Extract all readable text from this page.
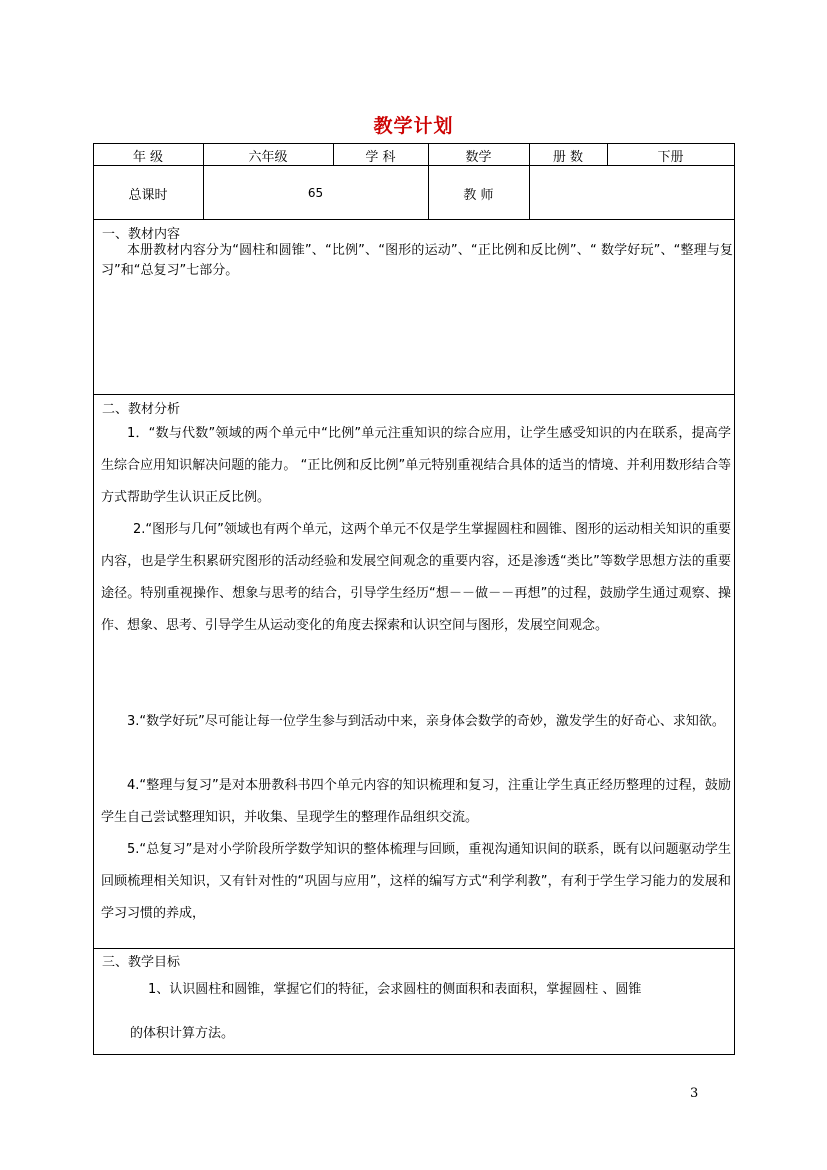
教学计划
年 级	六年级	学 科	数学	册 数	下册
总课时	65	教 师
一、教材内容
本册教材内容分为“圆柱和圆锥”、“比例”、“图形的运动”、“正比例和反比例”、“ 数学好玩”、“整理与复习”和“总复习”七部分。
二、教材分析
1．“数与代数”领域的两个单元中“比例”单元注重知识的综合应用，让学生感受知识的内在联系，提高学生综合应用知识解决问题的能力。 “正比例和反比例”单元特别重视结合具体的适当的情境、并利用数形结合等方式帮助学生认识正反比例。
2.“图形与几何”领域也有两个单元，这两个单元不仅是学生掌握圆柱和圆锥、图形的运动相关知识的重要内容，也是学生积累研究图形的活动经验和发展空间观念的重要内容，还是渗透“类比”等数学思想方法的重要途径。特别重视操作、想象与思考的结合，引导学生经历“想－－做－－再想”的过程，鼓励学生通过观察、操作、想象、思考、引导学生从运动变化的角度去探索和认识空间与图形，发展空间观念。
3.“数学好玩”尽可能让每一位学生参与到活动中来，亲身体会数学的奇妙，激发学生的好奇心、求知欲。
4.“整理与复习”是对本册教科书四个单元内容的知识梳理和复习，注重让学生真正经历整理的过程，鼓励学生自己尝试整理知识，并收集、呈现学生的整理作品组织交流。
5.“总复习”是对小学阶段所学数学知识的整体梳理与回顾，重视沟通知识间的联系，既有以问题驱动学生回顾梳理相关知识，又有针对性的“巩固与应用”，这样的编写方式“利学利教”，有利于学生学习能力的发展和学习习惯的养成，
三、教学目标
1、认识圆柱和圆锥，掌握它们的特征，会求圆柱的侧面积和表面积，掌握圆柱 、圆锥
的体积计算方法。
3
